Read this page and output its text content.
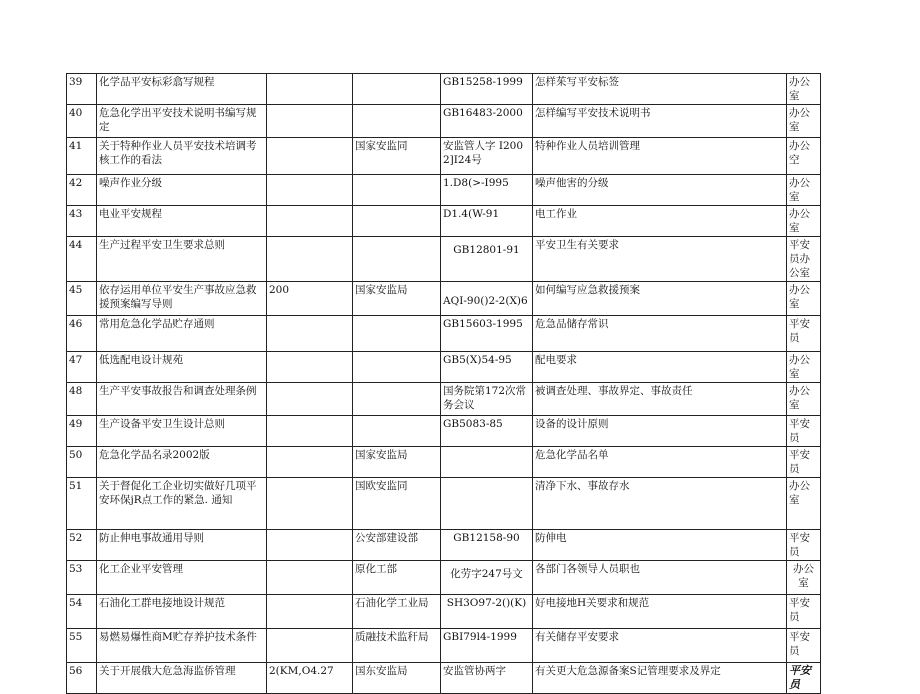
39	化学品平安标彩翕写规程			GB15258-1999	怎样茱写平安标签	办公室
40	危急化学出平安技术说明书编写规定			GB16483-2000	怎样编写平安技术说明书	办公室
41	关于特种作业人员平安技术培调考核工作的看法		国家安监同	安监管人字 I2002]I24号	特种作业人员培训管理	办公空
42	噪声作业分级			1.D8(>-I995	噪声他害的分级	办公室
43	电业平安规程			D1.4(W-91	电工作业	办公室
44	生产过程平安卫生要求总则			GB12801-91	平安卫生有关要求	平安员办公室
45	依存运用单位平安生产事故应急救援预案编写导则	200	国家安监局	AQI-90()2-2(X)6	如何编写应急救援预案	办公室
46	常用危急化学品贮存通则			GB15603-1995	危急品储存常识	平安员
47	低选配电设计规苑			GB5(X)54-95	配电要求	办公室
48	生产平安事故报告和调查处理条例			国务院第172次常务会议	被调查处理、事故界定、事故责任	办公室
49	生产设备平安卫生设计总则			GB5083-85	设备的设计原则	平安员
50	危急化学品名录2002版		国家安监局		危急化学品名单	平安员
51	关于督促化工企业切实做好几项平安环保jR点工作的紧急. 通知		国欧安监同		清净下水、事故存水	办公室
52	防止伸电事故通用导则		公安部建设部	GB12158-90	防伸电	平安员
53	化工企业平安管理		原化工部	化劳字247号文	各部门各领导人员职也	办公室
54	石油化工群电接地设计规范		石油化学工业局	SH3O97-2()(K)	好电接地H关要求和规范	平安员
55	易燃易爆性商M贮存养护技术条件		质融技术监秆局	GBI79l4-1999	有关储存平安要求	平安员
56	关于开展俄大危急海监侨管理	2(KM,O4.27	国东安监局	安监管协两字	有关更大危急源备案S记管理要求及界定	平安员
